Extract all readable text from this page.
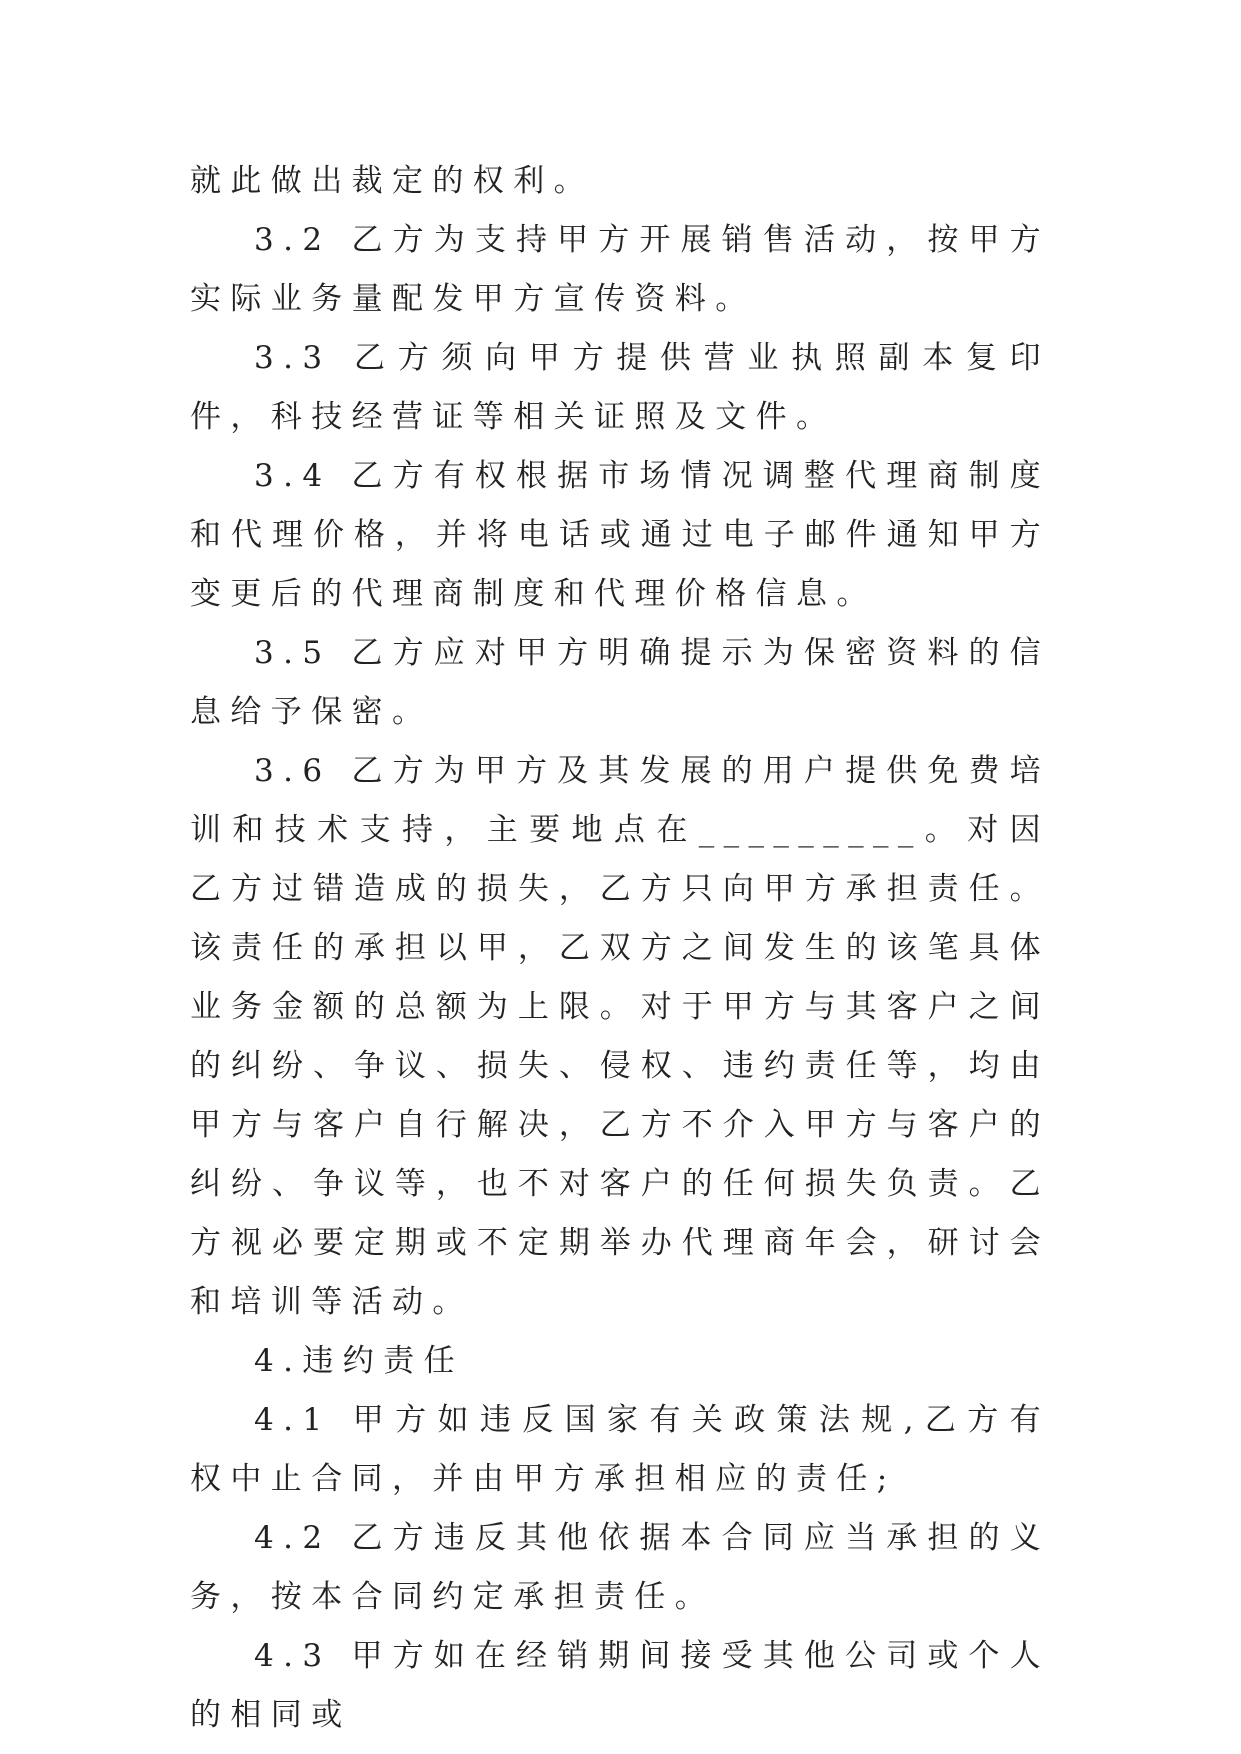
就此做出裁定的权利。

3.2 乙方为支持甲方开展销售活动，按甲方实际业务量配发甲方宣传资料。

3.3 乙方须向甲方提供营业执照副本复印件，科技经营证等相关证照及文件。

3.4 乙方有权根据市场情况调整代理商制度和代理价格，并将电话或通过电子邮件通知甲方变更后的代理商制度和代理价格信息。

3.5 乙方应对甲方明确提示为保密资料的信息给予保密。

3.6 乙方为甲方及其发展的用户提供免费培训和技术支持，主要地点在_________。对因乙方过错造成的损失，乙方只向甲方承担责任。该责任的承担以甲，乙双方之间发生的该笔具体业务金额的总额为上限。对于甲方与其客户之间的纠纷、争议、损失、侵权、违约责任等，均由甲方与客户自行解决，乙方不介入甲方与客户的纠纷、争议等，也不对客户的任何损失负责。乙方视必要定期或不定期举办代理商年会，研讨会和培训等活动。

4.违约责任

4.1 甲方如违反国家有关政策法规,乙方有权中止合同，并由甲方承担相应的责任;

4.2 乙方违反其他依据本合同应当承担的义务，按本合同约定承担责任。

4.3 甲方如在经销期间接受其他公司或个人的相同或
